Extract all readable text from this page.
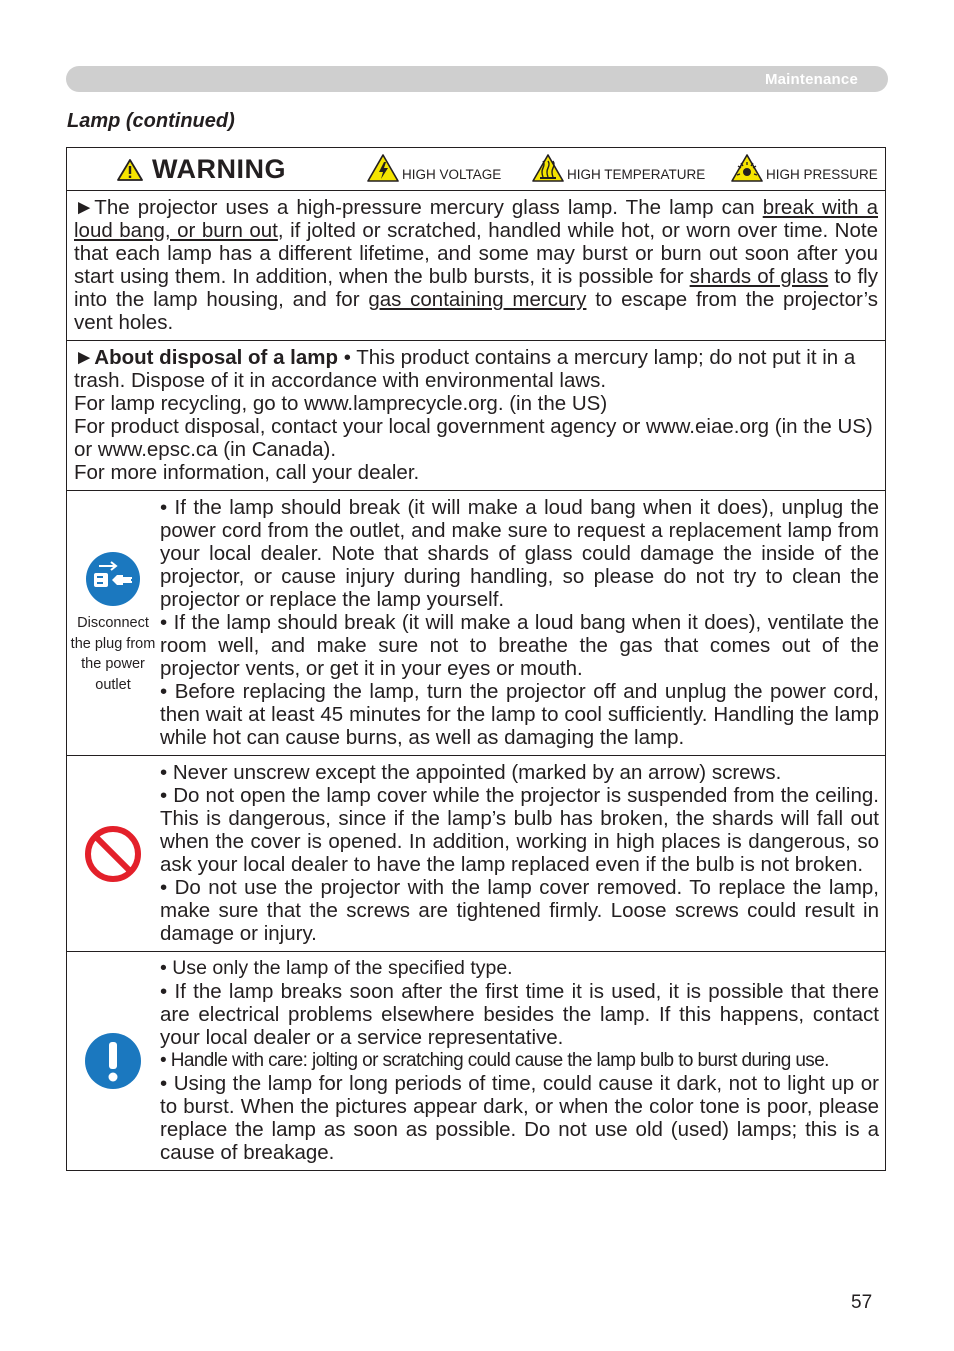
Maintenance
Lamp (continued)
WARNING	HIGH VOLTAGE	HIGH TEMPERATURE	HIGH PRESSURE
►The projector uses a high-pressure mercury glass lamp. The lamp can break with a loud bang, or burn out, if jolted or scratched, handled while hot, or worn over time. Note that each lamp has a different lifetime, and some may burst or burn out soon after you start using them. In addition, when the bulb bursts, it is possible for shards of glass to fly into the lamp housing, and for gas containing mercury to escape from the projector’s vent holes.
►About disposal of a lamp • This product contains a mercury lamp; do not put it in a trash. Dispose of it in accordance with environmental laws.
For lamp recycling, go to www.lamprecycle.org. (in the US)
For product disposal, contact your local government agency or www.eiae.org (in the US) or www.epsc.ca (in Canada).
For more information, call your dealer.
Disconnect the plug from the power outlet

• If the lamp should break (it will make a loud bang when it does), unplug the power cord from the outlet, and make sure to request a replacement lamp from your local dealer. Note that shards of glass could damage the inside of the projector, or cause injury during handling, so please do not try to clean the projector or replace the lamp yourself.

• If the lamp should break (it will make a loud bang when it does), ventilate the room well, and make sure not to breathe the gas that comes out of the projector vents, or get it in your eyes or mouth.

• Before replacing the lamp, turn the projector off and unplug the power cord, then wait at least 45 minutes for the lamp to cool sufficiently. Handling the lamp while hot can cause burns, as well as damaging the lamp.

• Never unscrew except the appointed (marked by an arrow) screws.

• Do not open the lamp cover while the projector is suspended from the ceiling. This is dangerous, since if the lamp’s bulb has broken, the shards will fall out when the cover is opened. In addition, working in high places is dangerous, so ask your local dealer to have the lamp replaced even if the bulb is not broken.

• Do not use the projector with the lamp cover removed. To replace the lamp, make sure that the screws are tightened firmly. Loose screws could result in damage or injury.

• Use only the lamp of the specified type.

• If the lamp breaks soon after the first time it is used, it is possible that there are electrical problems elsewhere besides the lamp. If this happens, contact your local dealer or a service representative.

• Handle with care: jolting or scratching could cause the lamp bulb to burst during use.

• Using the lamp for long periods of time, could cause it dark, not to light up or to burst. When the pictures appear dark, or when the color tone is poor, please replace the lamp as soon as possible. Do not use old (used) lamps; this is a cause of breakage.

57
